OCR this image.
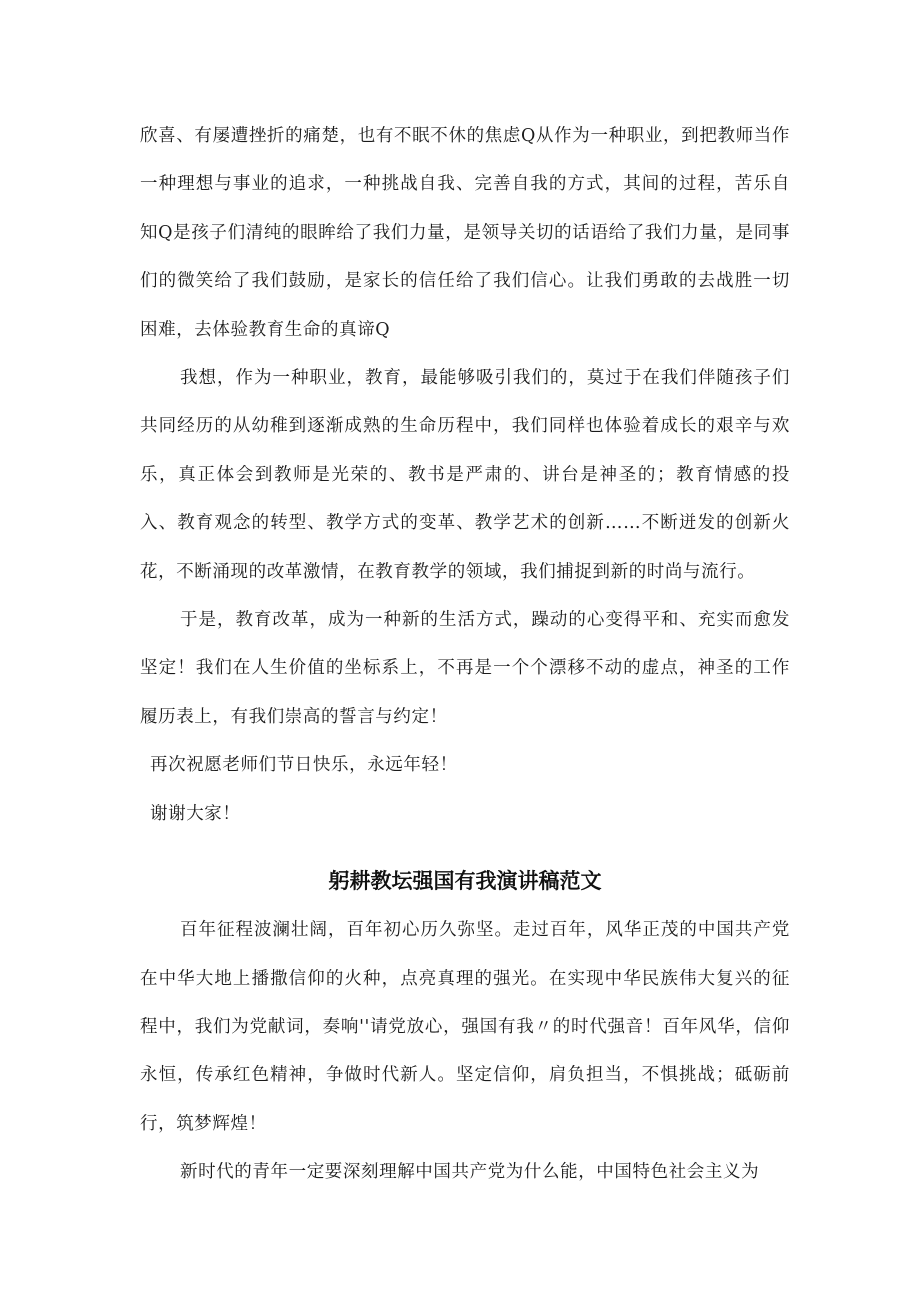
欣喜、有屡遭挫折的痛楚，也有不眠不休的焦虑Q从作为一种职业，到把教师当作一种理想与事业的追求，一种挑战自我、完善自我的方式，其间的过程，苦乐自知Q是孩子们清纯的眼眸给了我们力量，是领导关切的话语给了我们力量，是同事们的微笑给了我们鼓励，是家长的信任给了我们信心。让我们勇敢的去战胜一切困难，去体验教育生命的真谛Q

我想，作为一种职业，教育，最能够吸引我们的，莫过于在我们伴随孩子们共同经历的从幼稚到逐渐成熟的生命历程中，我们同样也体验着成长的艰辛与欢乐，真正体会到教师是光荣的、教书是严肃的、讲台是神圣的；教育情感的投入、教育观念的转型、教学方式的变革、教学艺术的创新……不断迸发的创新火花，不断涌现的改革激情，在教育教学的领域，我们捕捉到新的时尚与流行。

于是，教育改革，成为一种新的生活方式，躁动的心变得平和、充实而愈发坚定！我们在人生价值的坐标系上，不再是一个个漂移不动的虚点，神圣的工作履历表上，有我们崇高的誓言与约定！

再次祝愿老师们节日快乐，永远年轻！

谢谢大家！

躬耕教坛强国有我演讲稿范文

百年征程波澜壮阔，百年初心历久弥坚。走过百年，风华正茂的中国共产党在中华大地上播撒信仰的火种，点亮真理的强光。在实现中华民族伟大复兴的征程中，我们为党献词，奏响''请党放心，强国有我〃的时代强音！百年风华，信仰永恒，传承红色精神，争做时代新人。坚定信仰，肩负担当，不惧挑战；砥砺前行，筑梦辉煌！

新时代的青年一定要深刻理解中国共产党为什么能，中国特色社会主义为
